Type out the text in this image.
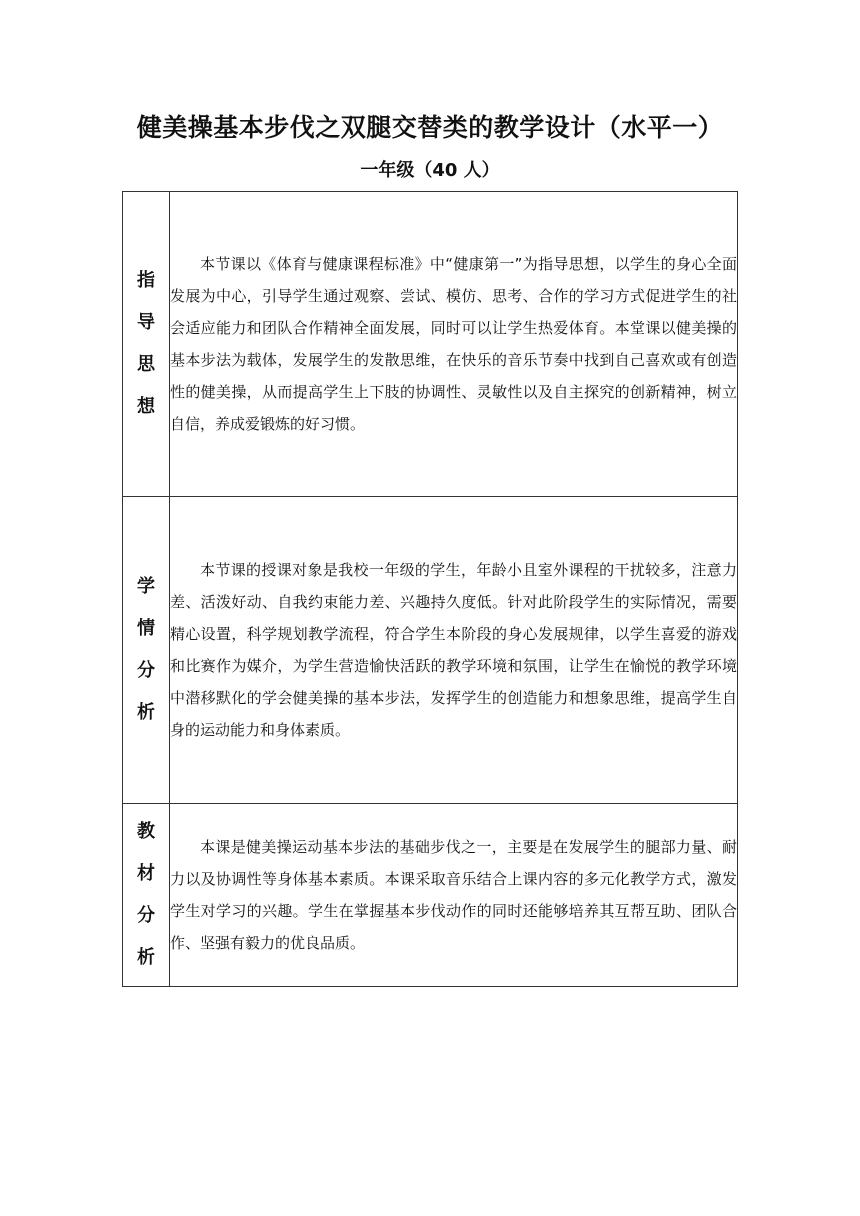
健美操基本步伐之双腿交替类的教学设计（水平一）
一年级（40 人）
指
导
思
想	本节课以《体育与健康课程标准》中“健康第一”为指导思想，以学生的身心全面发展为中心，引导学生通过观察、尝试、模仿、思考、合作的学习方式促进学生的社会适应能力和团队合作精神全面发展，同时可以让学生热爱体育。本堂课以健美操的基本步法为载体，发展学生的发散思维，在快乐的音乐节奏中找到自己喜欢或有创造性的健美操，从而提高学生上下肢的协调性、灵敏性以及自主探究的创新精神，树立自信，养成爱锻炼的好习惯。

学
情
分
析	本节课的授课对象是我校一年级的学生，年龄小且室外课程的干扰较多，注意力差、活泼好动、自我约束能力差、兴趣持久度低。针对此阶段学生的实际情况，需要精心设置，科学规划教学流程，符合学生本阶段的身心发展规律，以学生喜爱的游戏和比赛作为媒介，为学生营造愉快活跃的教学环境和氛围，让学生在愉悦的教学环境中潜移默化的学会健美操的基本步法，发挥学生的创造能力和想象思维，提高学生自身的运动能力和身体素质。

教
材
分
析	本课是健美操运动基本步法的基础步伐之一，主要是在发展学生的腿部力量、耐力以及协调性等身体基本素质。本课采取音乐结合上课内容的多元化教学方式，激发学生对学习的兴趣。学生在掌握基本步伐动作的同时还能够培养其互帮互助、团队合作、坚强有毅力的优良品质。
